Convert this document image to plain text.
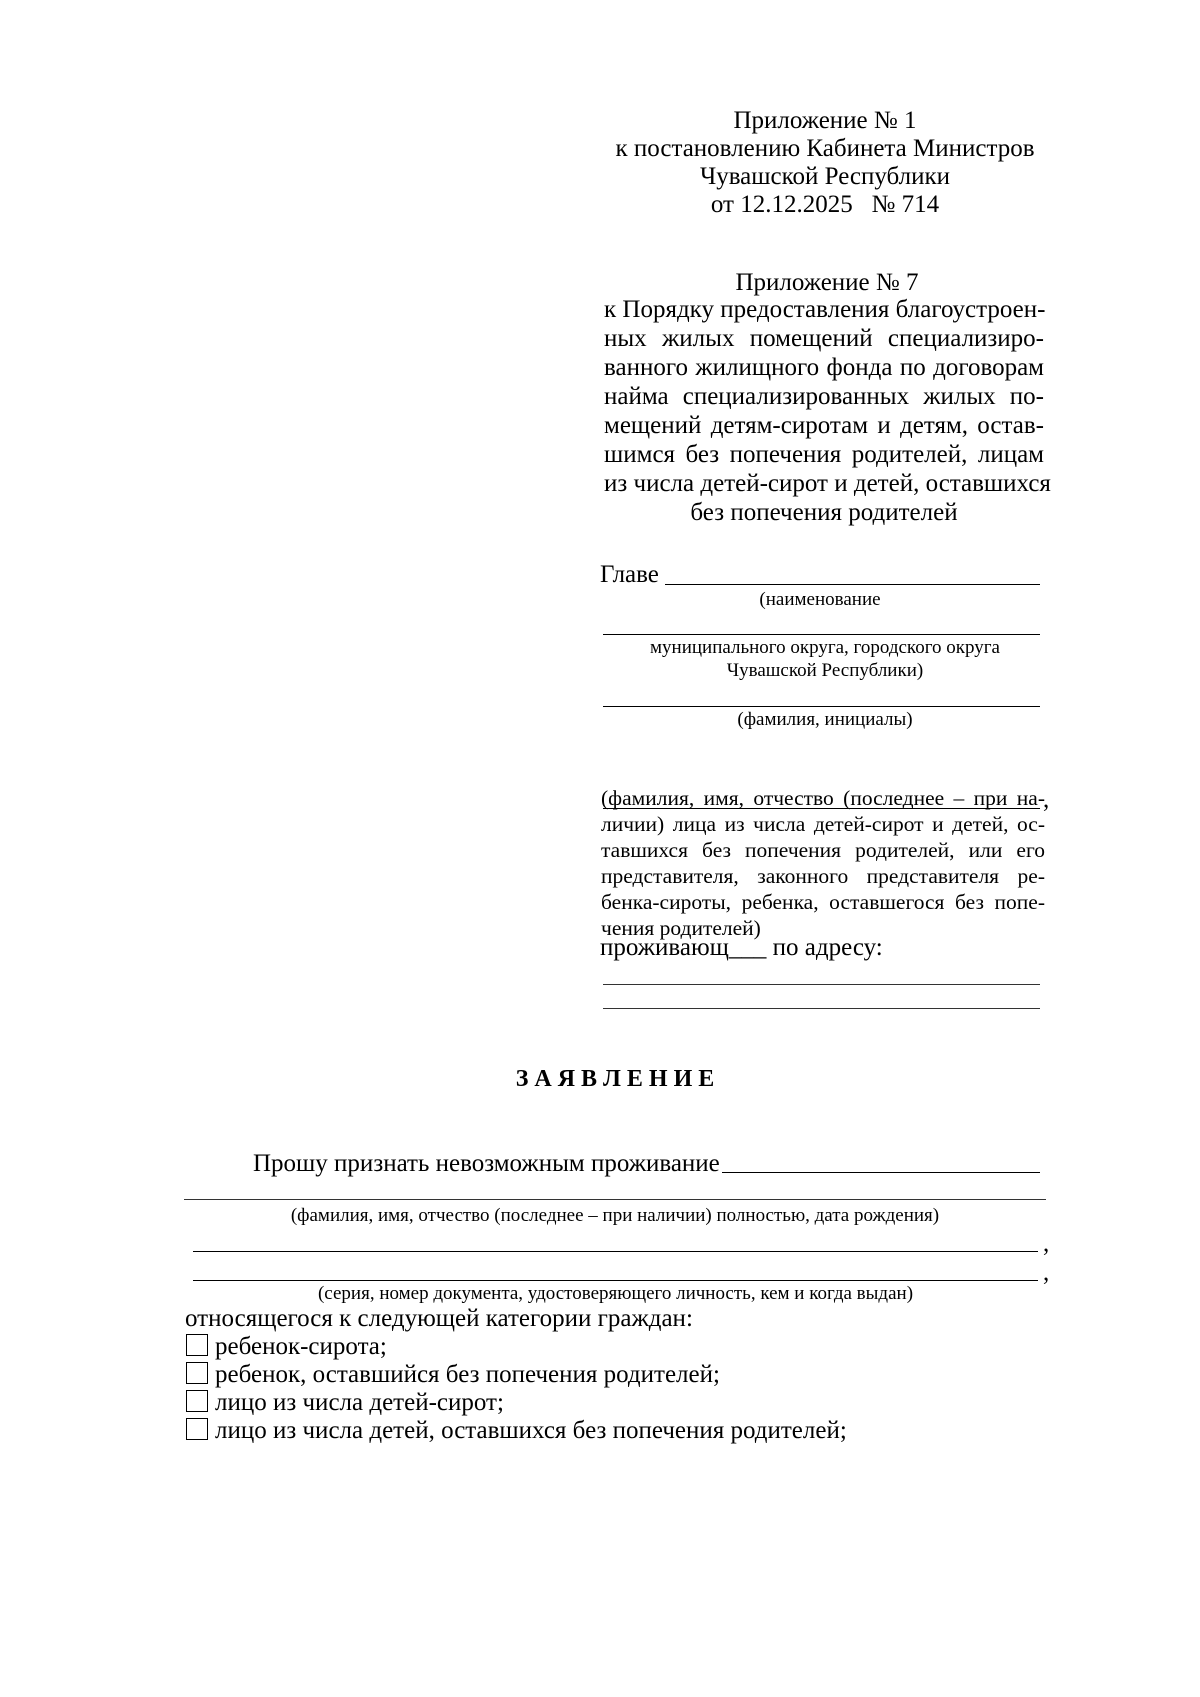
Приложение № 1
к постановлению Кабинета Министров
Чувашской Республики
от 12.12.2025   № 714
Приложение № 7
к Порядку предоставления благоустроен-
ных жилых помещений специализиро-
ванного жилищного фонда по договорам
найма специализированных жилых по-
мещений детям-сиротам и детям, остав-
шимся без попечения родителей, лицам
из числа детей-сирот и детей, оставшихся
без попечения родителей
Главе
(наименование
муниципального округа, городского округа
Чувашской Республики)
(фамилия, инициалы)
,
(фамилия, имя, отчество (последнее – при на-
личии) лица из числа детей-сирот и детей, ос-
тавшихся без попечения родителей, или его
представителя, законного представителя ре-
бенка-сироты, ребенка, оставшегося без попе-
чения родителей)
проживающ___ по адресу:
З А Я В Л Е Н И Е
Прошу признать невозможным проживание
(фамилия, имя, отчество (последнее – при наличии) полностью, дата рождения)
,
,
(серия, номер документа, удостоверяющего личность, кем и когда выдан)
относящегося к следующей категории граждан:
ребенок-сирота;
ребенок, оставшийся без попечения родителей;
лицо из числа детей-сирот;
лицо из числа детей, оставшихся без попечения родителей;
